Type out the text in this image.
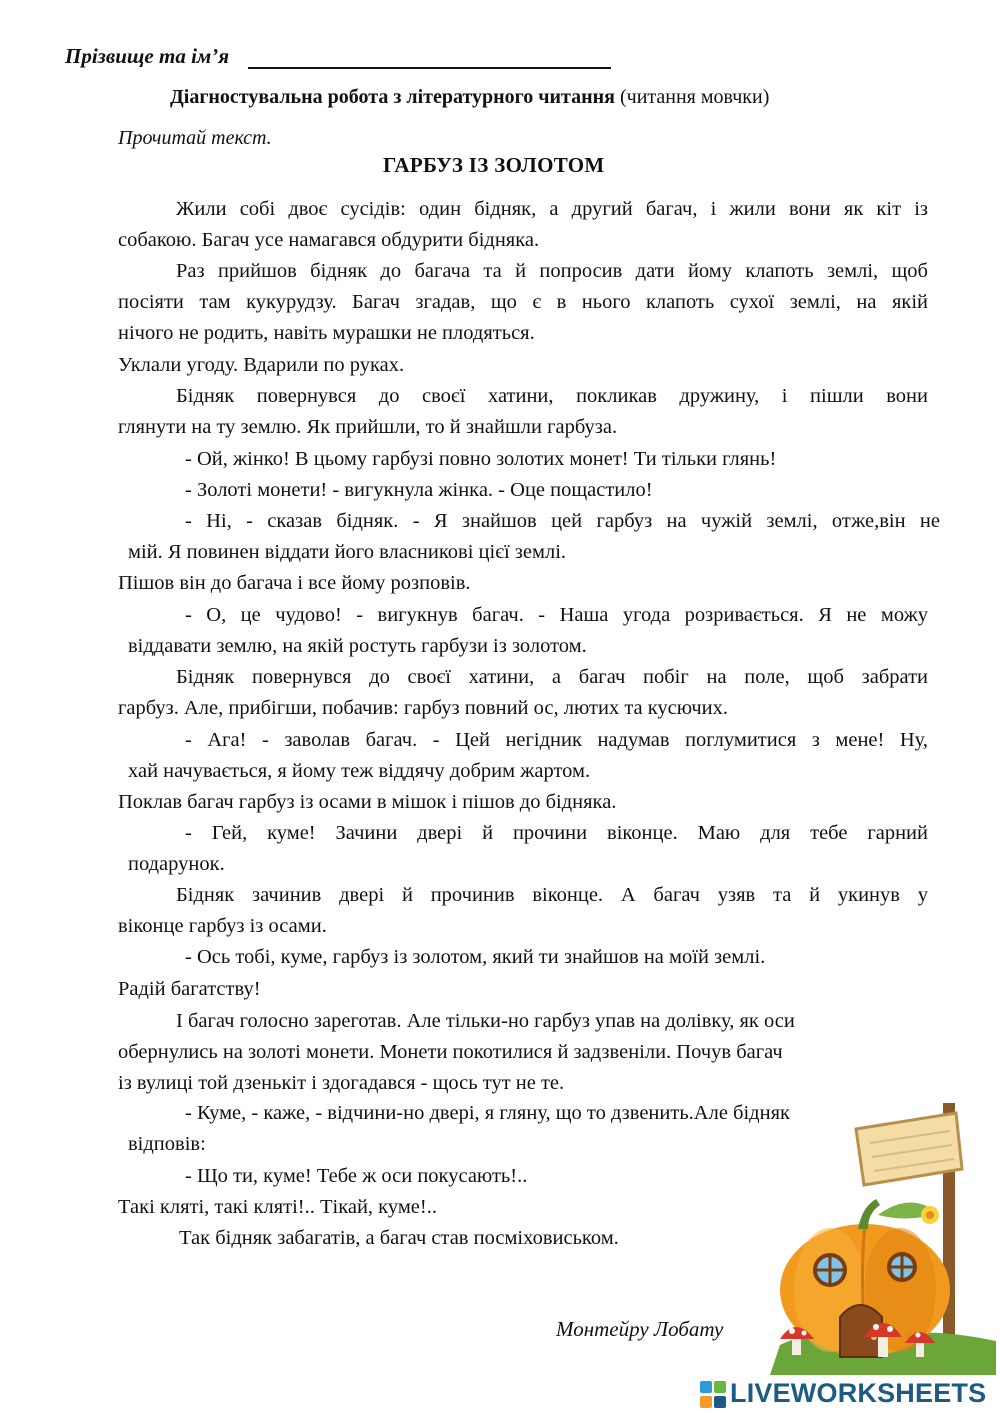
Прізвище та ім’я
Діагностувальна робота з літературного читання (читання мовчки)
Прочитай текст.
ГАРБУЗ ІЗ ЗОЛОТОМ
Жили собі двоє сусідів: один бідняк, а другий багач, і жили вони як кіт із
собакою. Багач усе намагався обдурити бідняка.
Раз прийшов бідняк до багача та й попросив дати йому клапоть землі, щоб
посіяти там кукурудзу. Багач згадав, що є в нього клапоть сухої землі, на якій
нічого не родить, навіть мурашки не плодяться.
Уклали угоду. Вдарили по руках.
Бідняк повернувся до своєї хатини, покликав дружину, і пішли вони
глянути на ту землю. Як прийшли, то й знайшли гарбуза.
- Ой, жінко! В цьому гарбузі повно золотих монет! Ти тільки глянь!
- Золоті монети! - вигукнула жінка. - Оце пощастило!
- Ні, - сказав бідняк. - Я знайшов цей гарбуз на чужій землі, отже,він не
мій. Я повинен віддати його власникові цієї землі.
Пішов він до багача і все йому розповів.
- О, це чудово! - вигукнув багач. - Наша угода розривається. Я не можу
віддавати землю, на якій ростуть гарбузи із золотом.
Бідняк повернувся до своєї хатини, а багач побіг на поле, щоб забрати
гарбуз. Але, прибігши, побачив: гарбуз повний ос, лютих та кусючих.
- Ага! - заволав багач. - Цей негідник надумав поглумитися з мене! Ну,
хай начувається, я йому теж віддячу добрим жартом.
Поклав багач гарбуз із осами в мішок і пішов до бідняка.
- Гей, куме! Зачини двері й прочини віконце. Маю для тебе гарний
подарунок.
Бідняк зачинив двері й прочинив віконце. А багач узяв та й укинув у
віконце гарбуз із осами.
- Ось тобі, куме, гарбуз із золотом, який ти знайшов на моїй землі.
Радій багатству!
І багач голосно зареготав. Але тільки-но гарбуз упав на долівку, як оси
обернулись на золоті монети. Монети покотилися й задзвеніли. Почув багач
із вулиці той дзенькіт і здогадався - щось тут не те.
- Куме, - каже, - відчини-но двері, я гляну, що то дзвенить.Але бідняк
відповів:
- Що ти, куме! Тебе ж оси покусають!..
Такі кляті, такі кляті!.. Тікай, куме!..
Так бідняк забагатів, а багач став посміховиськом.
Монтейру Лобату
LIVEWORKSHEETS
